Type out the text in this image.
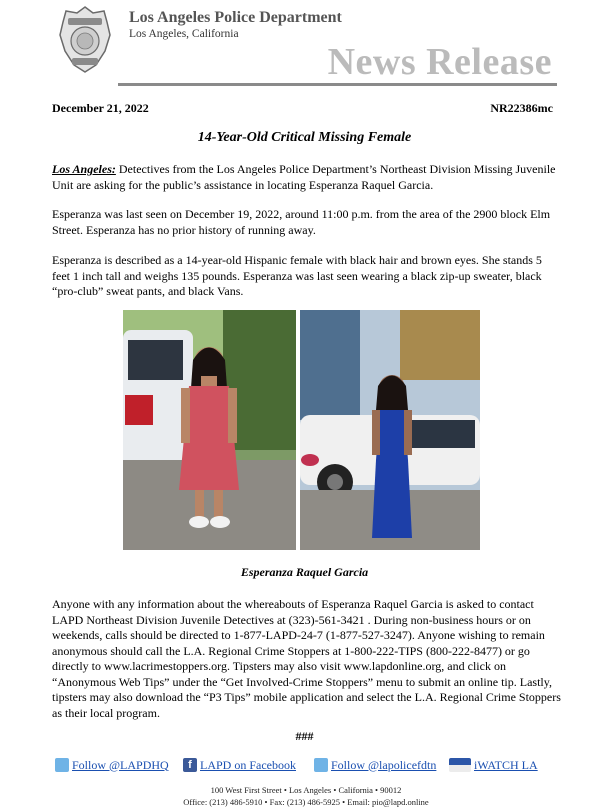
Los Angeles Police Department
Los Angeles, California
News Release
December 21, 2022	NR22386mc
14-Year-Old Critical Missing Female

Los Angeles: Detectives from the Los Angeles Police Department’s Northeast Division Missing Juvenile Unit are asking for the public’s assistance in locating Esperanza Raquel Garcia.

Esperanza was last seen on December 19, 2022, around 11:00 p.m. from the area of the 2900 block Elm Street. Esperanza has no prior history of running away.

Esperanza is described as a 14-year-old Hispanic female with black hair and brown eyes. She stands 5 feet 1 inch tall and weighs 135 pounds. Esperanza was last seen wearing a black zip-up sweater, black “pro-club” sweat pants, and black Vans.

Esperanza Raquel Garcia

Anyone with any information about the whereabouts of Esperanza Raquel Garcia is asked to contact LAPD Northeast Division Juvenile Detectives at (323)-561-3421 . During non-business hours or on weekends, calls should be directed to 1-877-LAPD-24-7 (1-877-527-3247). Anyone wishing to remain anonymous should call the L.A. Regional Crime Stoppers at 1-800-222-TIPS (800-222-8477) or go directly to www.lacrimestoppers.org. Tipsters may also visit www.lapdonline.org, and click on “Anonymous Web Tips” under the “Get Involved-Crime Stoppers” menu to submit an online tip. Lastly, tipsters may also download the “P3 Tips” mobile application and select the L.A. Regional Crime Stoppers as their local program.

###
Follow @LAPDHQ	f LAPD on Facebook	Follow @lapolicefdtn	iWATCH LA
100 West First Street • Los Angeles • California • 90012
Office: (213) 486-5910 • Fax: (213) 486-5925 • Email: pio@lapd.online
